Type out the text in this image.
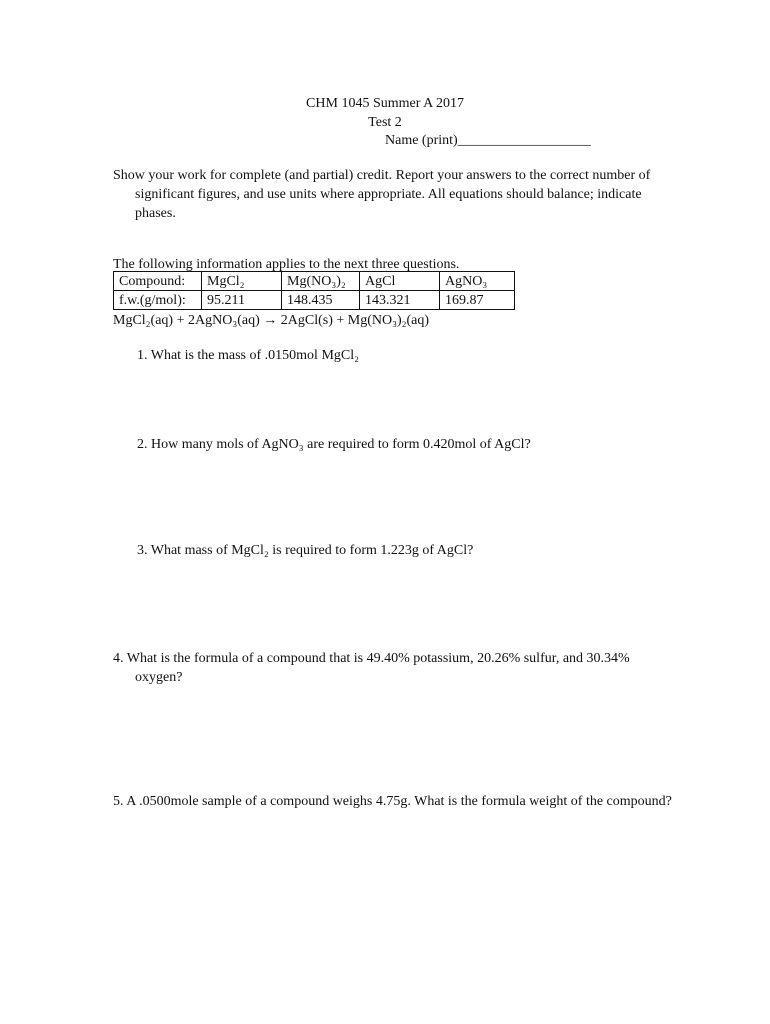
CHM 1045 Summer A 2017
Test 2
Name (print)___________________
Show your work for complete (and partial) credit. Report your answers to the correct number of significant figures, and use units where appropriate. All equations should balance; indicate phases.
The following information applies to the next three questions.
Compound:	MgCl₂	Mg(NO₃)₂	AgCl	AgNO₃
f.w.(g/mol):	95.211	148.435	143.321	169.87
MgCl₂(aq) + 2AgNO₃(aq) → 2AgCl(s) + Mg(NO₃)₂(aq)
1. What is the mass of .0150mol MgCl₂
2. How many mols of AgNO₃ are required to form 0.420mol of AgCl?
3. What mass of MgCl₂ is required to form 1.223g of AgCl?
4. What is the formula of a compound that is 49.40% potassium, 20.26% sulfur, and 30.34% oxygen?
5. A .0500mole sample of a compound weighs 4.75g. What is the formula weight of the compound?
